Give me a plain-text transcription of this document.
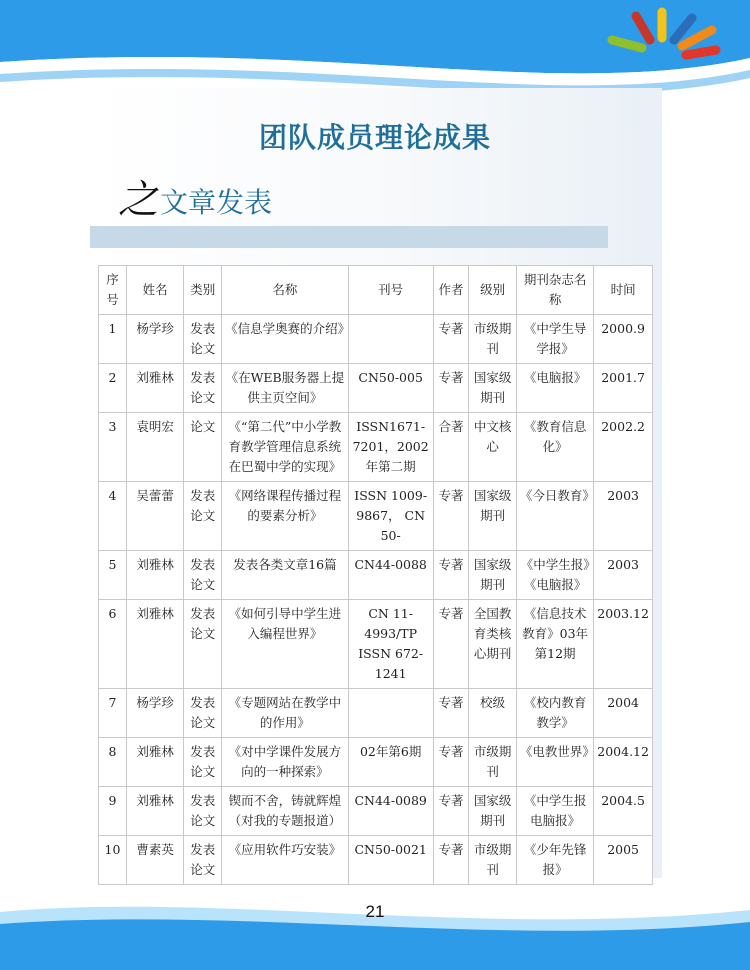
团队成员理论成果
之 文章发表
序号	姓名	类别	名称	刊号	作者	级别	期刊杂志名称	时间
1	杨学珍	发表论文	《信息学奥赛的介绍》		专著	市级期刊	《中学生导学报》	2000.9
2	刘雅林	发表论文	《在WEB服务器上提供主页空间》	CN50-005	专著	国家级期刊	《电脑报》	2001.7
3	袁明宏	论文	《“第二代”中小学教育教学管理信息系统在巴蜀中学的实现》	ISSN1671-7201，2002年第二期	合著	中文核心	《教育信息化》	2002.2
4	吴蕾蕾	发表论文	《网络课程传播过程的要素分析》	ISSN 1009-9867， CN 50-	专著	国家级期刊	《今日教育》	2003
5	刘雅林	发表论文	发表各类文章16篇	CN44-0088	专著	国家级期刊	《中学生报》《电脑报》	2003
6	刘雅林	发表论文	《如何引导中学生进入编程世界》	CN 11-4993/TP ISSN 672-1241	专著	全国教育类核心期刊	《信息技术教育》03年第12期	2003.12
7	杨学珍	发表论文	《专题网站在教学中的作用》		专著	校级	《校内教育教学》	2004
8	刘雅林	发表论文	《对中学课件发展方向的一种探索》	02年第6期	专著	市级期刊	《电教世界》	2004.12
9	刘雅林	发表论文	锲而不舍，铸就辉煌（对我的专题报道）	CN44-0089	专著	国家级期刊	《中学生报电脑报》	2004.5
10	曹素英	发表论文	《应用软件巧安装》	CN50-0021	专著	市级期刊	《少年先锋报》	2005
21
